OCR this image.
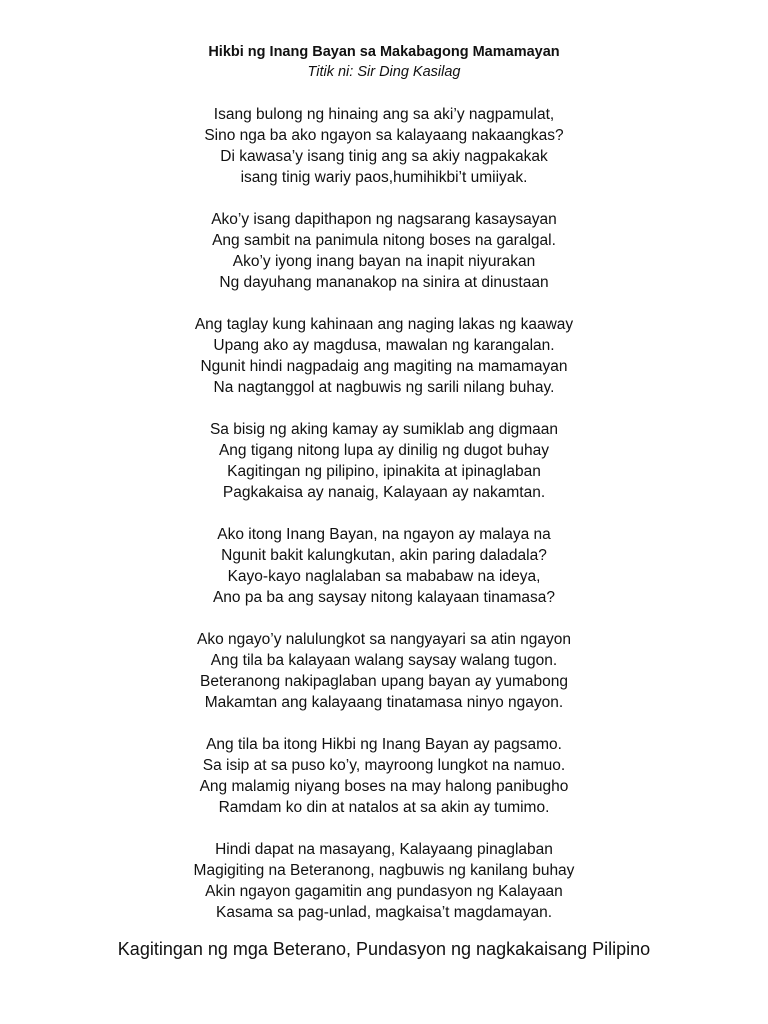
Hikbi ng Inang Bayan sa Makabagong Mamamayan

Titik ni: Sir Ding Kasilag

Isang bulong ng hinaing ang sa aki’y nagpamulat,
Sino nga ba ako ngayon sa kalayaang nakaangkas?
Di kawasa’y isang tinig ang sa akiy nagpakakak
isang tinig wariy paos,humihikbi’t umiiyak.
Ako’y isang dapithapon ng nagsarang kasaysayan
Ang sambit na panimula nitong boses na garalgal.
Ako’y iyong inang bayan na inapit niyurakan
Ng dayuhang mananakop na sinira at dinustaan
Ang taglay kung kahinaan ang naging lakas ng kaaway
Upang ako ay magdusa, mawalan ng karangalan.
Ngunit hindi nagpadaig ang magiting na mamamayan
Na nagtanggol at nagbuwis ng sarili nilang buhay.
Sa bisig ng aking kamay ay sumiklab ang digmaan
Ang tigang nitong lupa ay dinilig ng dugot buhay
Kagitingan ng pilipino, ipinakita at ipinaglaban
Pagkakaisa ay nanaig, Kalayaan ay nakamtan.
Ako itong Inang Bayan, na ngayon ay malaya na
Ngunit bakit kalungkutan, akin paring daladala?
Kayo-kayo naglalaban sa mababaw na ideya,
Ano pa ba ang saysay nitong kalayaan tinamasa?
Ako ngayo’y nalulungkot sa nangyayari sa atin ngayon
Ang tila ba kalayaan walang saysay walang tugon.
Beteranong nakipaglaban upang bayan ay yumabong
Makamtan ang kalayaang tinatamasa ninyo ngayon.
Ang tila ba itong Hikbi ng Inang Bayan ay pagsamo.
Sa isip at sa puso ko’y, mayroong lungkot na namuo.
Ang malamig niyang boses na may halong panibugho
Ramdam ko din at natalos at sa akin ay tumimo.
Hindi dapat na masayang, Kalayaang pinaglaban
Magigiting na Beteranong, nagbuwis ng kanilang buhay
Akin ngayon gagamitin ang pundasyon ng Kalayaan
Kasama sa pag-unlad, magkaisa’t magdamayan.
Kagitingan ng mga Beterano, Pundasyon ng nagkakaisang Pilipino
